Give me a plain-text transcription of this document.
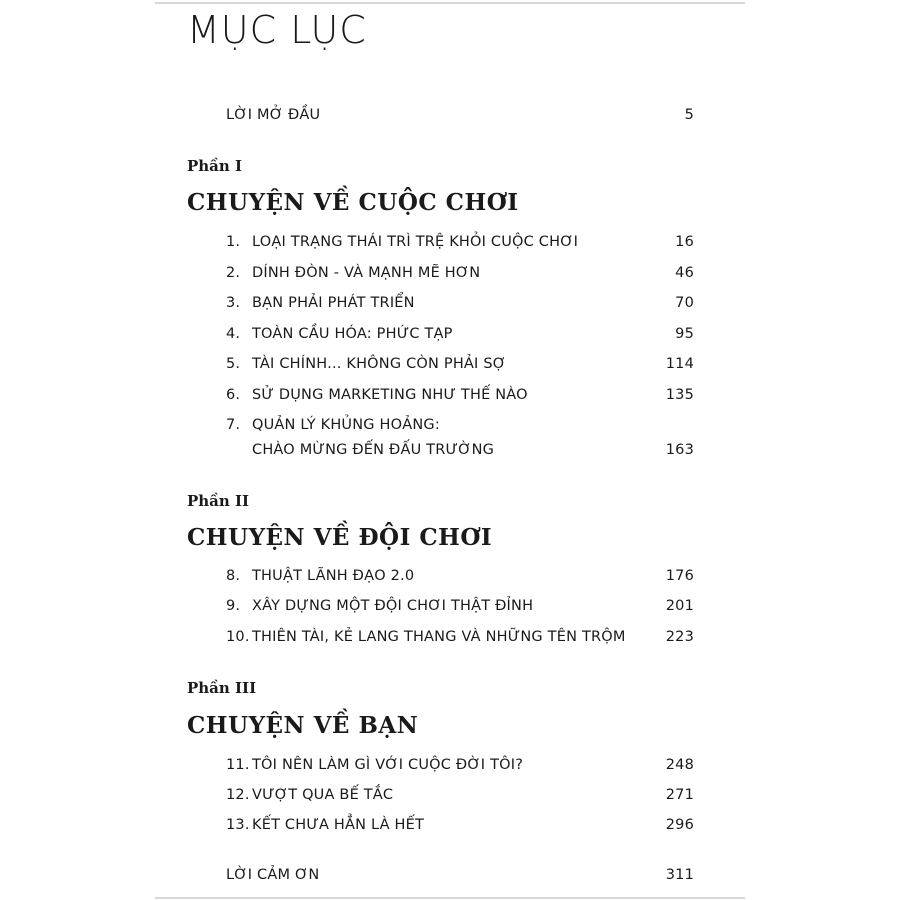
MỤC LỤC
LỜI MỞ ĐẦU	5
Phần I
CHUYỆN VỀ CUỘC CHƠI
1. LOẠI TRẠNG THÁI TRÌ TRỆ KHỎI CUỘC CHƠI	16
2. DÍNH ĐÒN - VÀ MẠNH MẼ HƠN	46
3. BẠN PHẢI PHÁT TRIỂN	70
4. TOÀN CẦU HÓA: PHỨC TẠP	95
5. TÀI CHÍNH... KHÔNG CÒN PHẢI SỢ	114
6. SỬ DỤNG MARKETING NHƯ THẾ NÀO	135
7. QUẢN LÝ KHỦNG HOẢNG:
CHÀO MỪNG ĐẾN ĐẤU TRƯỜNG	163
Phần II
CHUYỆN VỀ ĐỘI CHƠI
8. THUẬT LÃNH ĐẠO 2.0	176
9. XÂY DỰNG MỘT ĐỘI CHƠI THẬT ĐỈNH	201
10. THIÊN TÀI, KẺ LANG THANG VÀ NHỮNG TÊN TRỘM	223
Phần III
CHUYỆN VỀ BẠN
11. TÔI NÊN LÀM GÌ VỚI CUỘC ĐỜI TÔI?	248
12. VƯỢT QUA BẾ TẮC	271
13. KẾT CHƯA HẲN LÀ HẾT	296
LỜI CẢM ƠN	311
